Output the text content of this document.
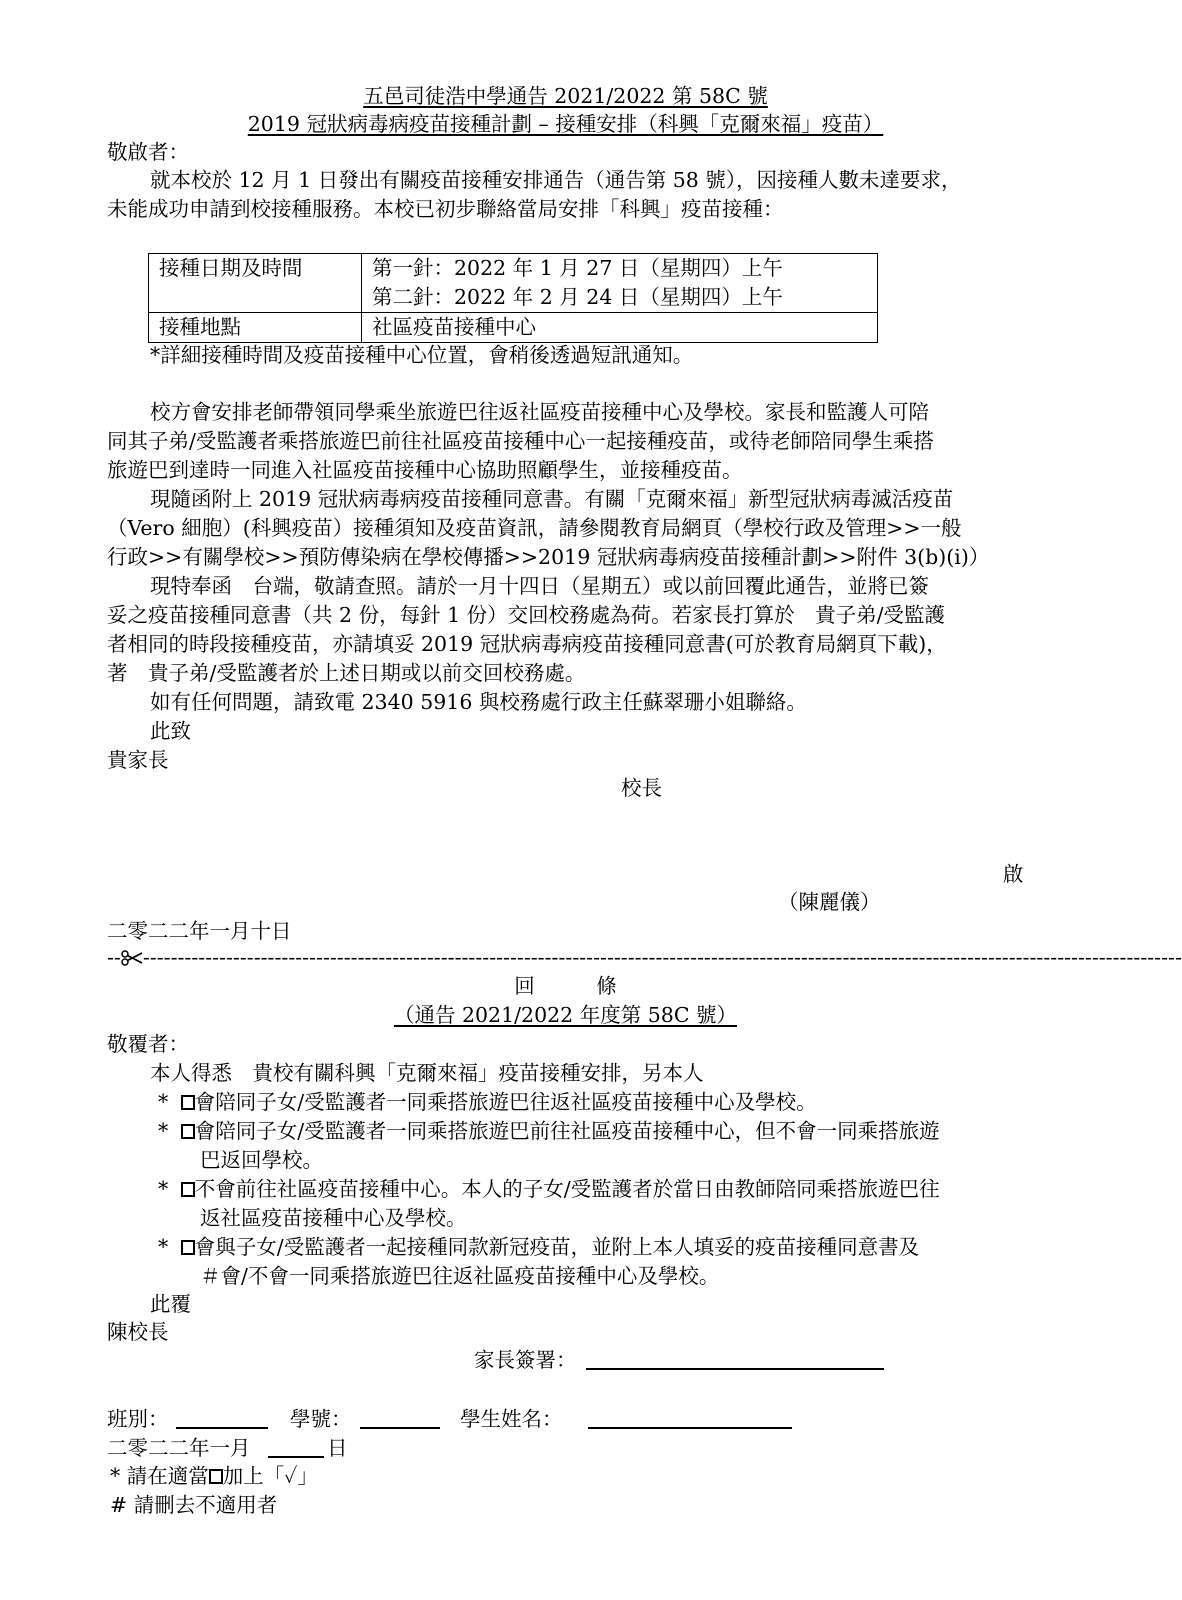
五邑司徒浩中學通告 2021/2022 第 58C 號
2019 冠狀病毒病疫苗接種計劃 – 接種安排（科興「克爾來福」疫苗）
敬啟者：
就本校於 12 月 1 日發出有關疫苗接種安排通告（通告第 58 號），因接種人數未達要求，
未能成功申請到校接種服務。本校已初步聯絡當局安排「科興」疫苗接種：
接種日期及時間	第一針：2022 年 1 月 27 日（星期四）上午
第二針：2022 年 2 月 24 日（星期四）上午

接種地點	社區疫苗接種中心
*詳細接種時間及疫苗接種中心位置，會稍後透過短訊通知。
校方會安排老師帶領同學乘坐旅遊巴往返社區疫苗接種中心及學校。家長和監護人可陪
同其子弟/受監護者乘搭旅遊巴前往社區疫苗接種中心一起接種疫苗，或待老師陪同學生乘搭
旅遊巴到達時一同進入社區疫苗接種中心協助照顧學生，並接種疫苗。
現隨函附上 2019 冠狀病毒病疫苗接種同意書。有關「克爾來福」新型冠狀病毒滅活疫苗
（Vero 細胞）(科興疫苗）接種須知及疫苗資訊，請參閱教育局網頁（學校行政及管理>>一般
行政>>有關學校>>預防傳染病在學校傳播>>2019 冠狀病毒病疫苗接種計劃>>附件 3(b)(i)）
現特奉函　台端，敬請查照。請於一月十四日（星期五）或以前回覆此通告，並將已簽
妥之疫苗接種同意書（共 2 份，每針 1 份）交回校務處為荷。若家長打算於　貴子弟/受監護
者相同的時段接種疫苗，亦請填妥 2019 冠狀病毒病疫苗接種同意書(可於教育局網頁下載)，
著　貴子弟/受監護者於上述日期或以前交回校務處。
如有任何問題，請致電 2340 5916 與校務處行政主任蘇翠珊小姐聯絡。
此致
貴家長
校長
啟
（陳麗儀）
二零二二年一月十日
-- ------------------------------------------------------------------------------------------------------------------------------------------------------
回　　　條
（通告 2021/2022 年度第 58C 號）
敬覆者：
本人得悉　貴校有關科興「克爾來福」疫苗接種安排，另本人
* 會陪同子女/受監護者一同乘搭旅遊巴往返社區疫苗接種中心及學校。
* 會陪同子女/受監護者一同乘搭旅遊巴前往社區疫苗接種中心，但不會一同乘搭旅遊
巴返回學校。
* 不會前往社區疫苗接種中心。本人的子女/受監護者於當日由教師陪同乘搭旅遊巴往
返社區疫苗接種中心及學校。
* 會與子女/受監護者一起接種同款新冠疫苗，並附上本人填妥的疫苗接種同意書及
＃會/不會一同乘搭旅遊巴往返社區疫苗接種中心及學校。
此覆
陳校長
家長簽署：
班別：	學號：	學生姓名：
二零二二年一月	日
* 請在適當 加上「✓」
# 請刪去不適用者
